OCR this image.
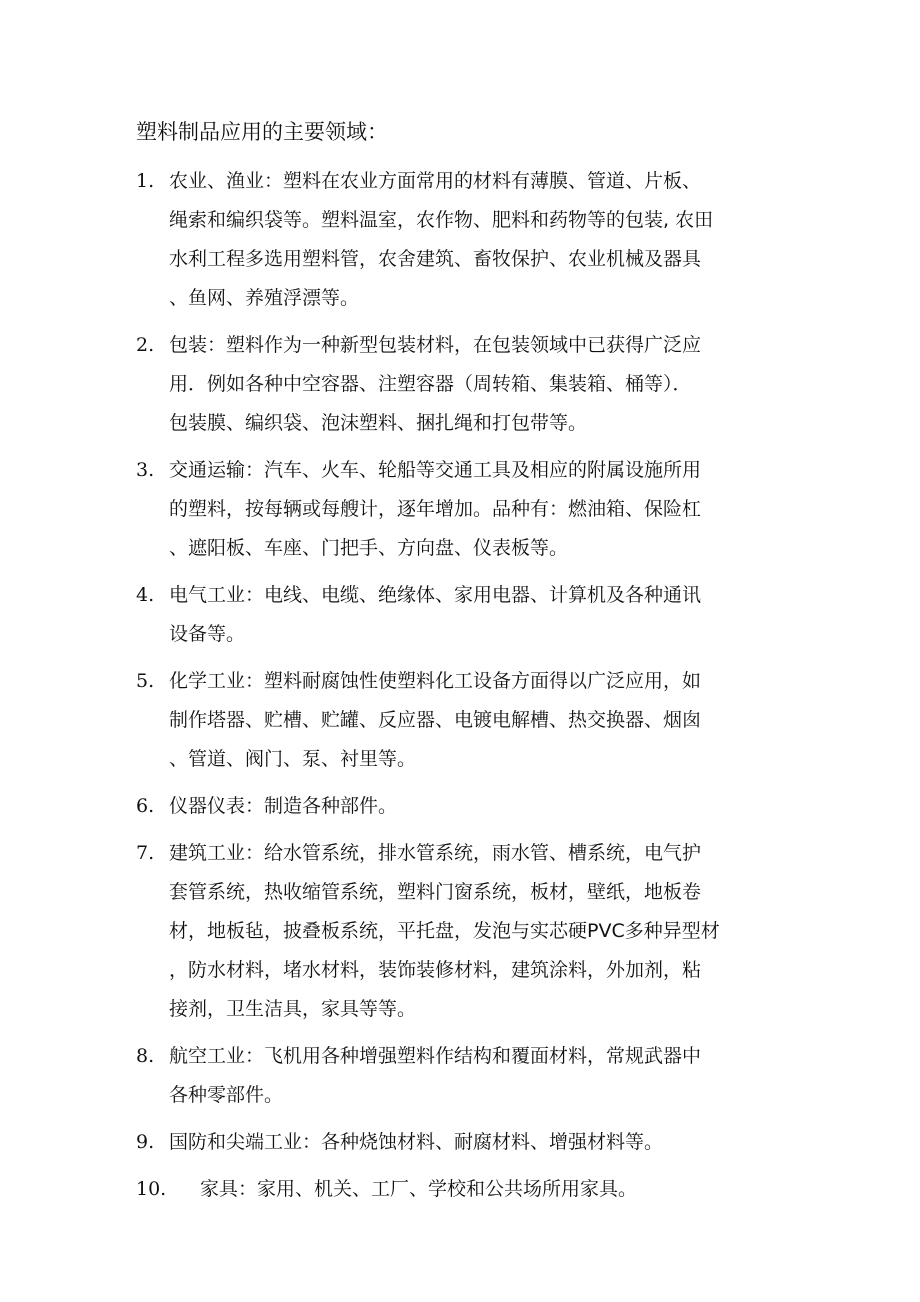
塑料制品应用的主要领域：
1. 农业、渔业：塑料在农业方面常用的材料有薄膜、管道、片板、
绳索和编织袋等。塑料温室，农作物、肥料和药物等的包装, 农田
水利工程多选用塑料管，农舍建筑、畜牧保护、农业机械及器具
、鱼网、养殖浮漂等。
2. 包装：塑料作为一种新型包装材料，在包装领域中已获得广泛应
用．例如各种中空容器、注塑容器（周转箱、集装箱、桶等）．
包装膜、编织袋、泡沫塑料、捆扎绳和打包带等。
3. 交通运输：汽车、火车、轮船等交通工具及相应的附属设施所用
的塑料，按每辆或每艘计，逐年增加。品种有：燃油箱、保险杠
、遮阳板、车座、门把手、方向盘、仪表板等。
4. 电气工业：电线、电缆、绝缘体、家用电器、计算机及各种通讯
设备等。
5. 化学工业：塑料耐腐蚀性使塑料化工设备方面得以广泛应用，如
制作塔器、贮槽、贮罐、反应器、电镀电解槽、热交换器、烟囱
、管道、阀门、泵、衬里等。
6. 仪器仪表：制造各种部件。
7. 建筑工业：给水管系统，排水管系统，雨水管、槽系统，电气护
套管系统，热收缩管系统，塑料门窗系统，板材，壁纸，地板卷
材，地板毡，披叠板系统，平托盘，发泡与实芯硬PVC多种异型材
，防水材料，堵水材料，装饰装修材料，建筑涂料，外加剂，粘
接剂，卫生洁具，家具等等。
8. 航空工业：飞机用各种增强塑料作结构和覆面材料，常规武器中
各种零部件。
9. 国防和尖端工业：各种烧蚀材料、耐腐材料、增强材料等。
10. 家具：家用、机关、工厂、学校和公共场所用家具。
